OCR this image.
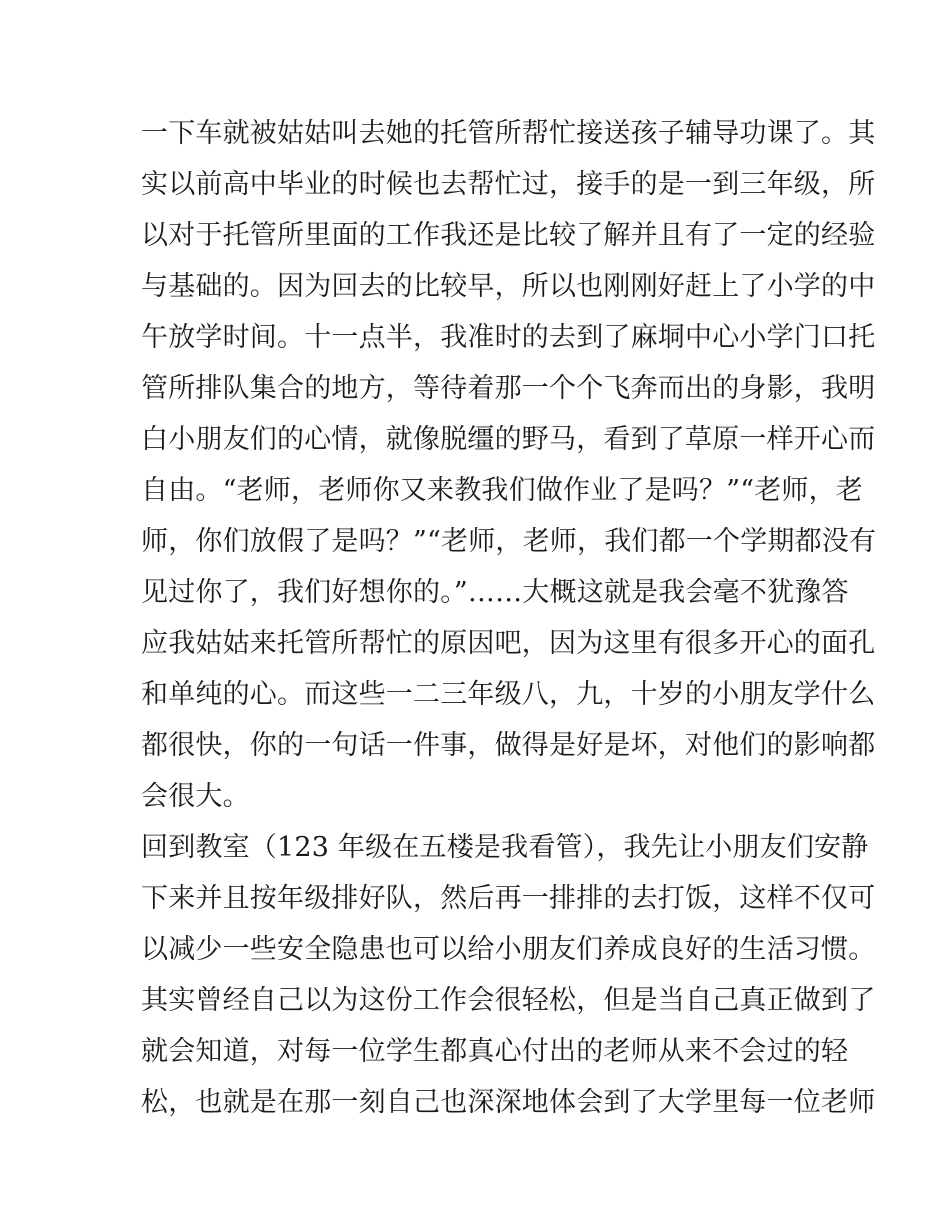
一下车就被姑姑叫去她的托管所帮忙接送孩子辅导功课了。其
实以前高中毕业的时候也去帮忙过，接手的是一到三年级，所
以对于托管所里面的工作我还是比较了解并且有了一定的经验
与基础的。因为回去的比较早，所以也刚刚好赶上了小学的中
午放学时间。十一点半，我准时的去到了麻垌中心小学门口托
管所排队集合的地方，等待着那一个个飞奔而出的身影，我明
白小朋友们的心情，就像脱缰的野马，看到了草原一样开心而
自由。“老师，老师你又来教我们做作业了是吗？”“老师，老
师，你们放假了是吗？”“老师，老师，我们都一个学期都没有
见过你了，我们好想你的。”……大概这就是我会毫不犹豫答
应我姑姑来托管所帮忙的原因吧，因为这里有很多开心的面孔
和单纯的心。而这些一二三年级八，九，十岁的小朋友学什么
都很快，你的一句话一件事，做得是好是坏，对他们的影响都
会很大。
回到教室（123 年级在五楼是我看管），我先让小朋友们安静
下来并且按年级排好队，然后再一排排的去打饭，这样不仅可
以减少一些安全隐患也可以给小朋友们养成良好的生活习惯。
其实曾经自己以为这份工作会很轻松，但是当自己真正做到了
就会知道，对每一位学生都真心付出的老师从来不会过的轻
松，也就是在那一刻自己也深深地体会到了大学里每一位老师
